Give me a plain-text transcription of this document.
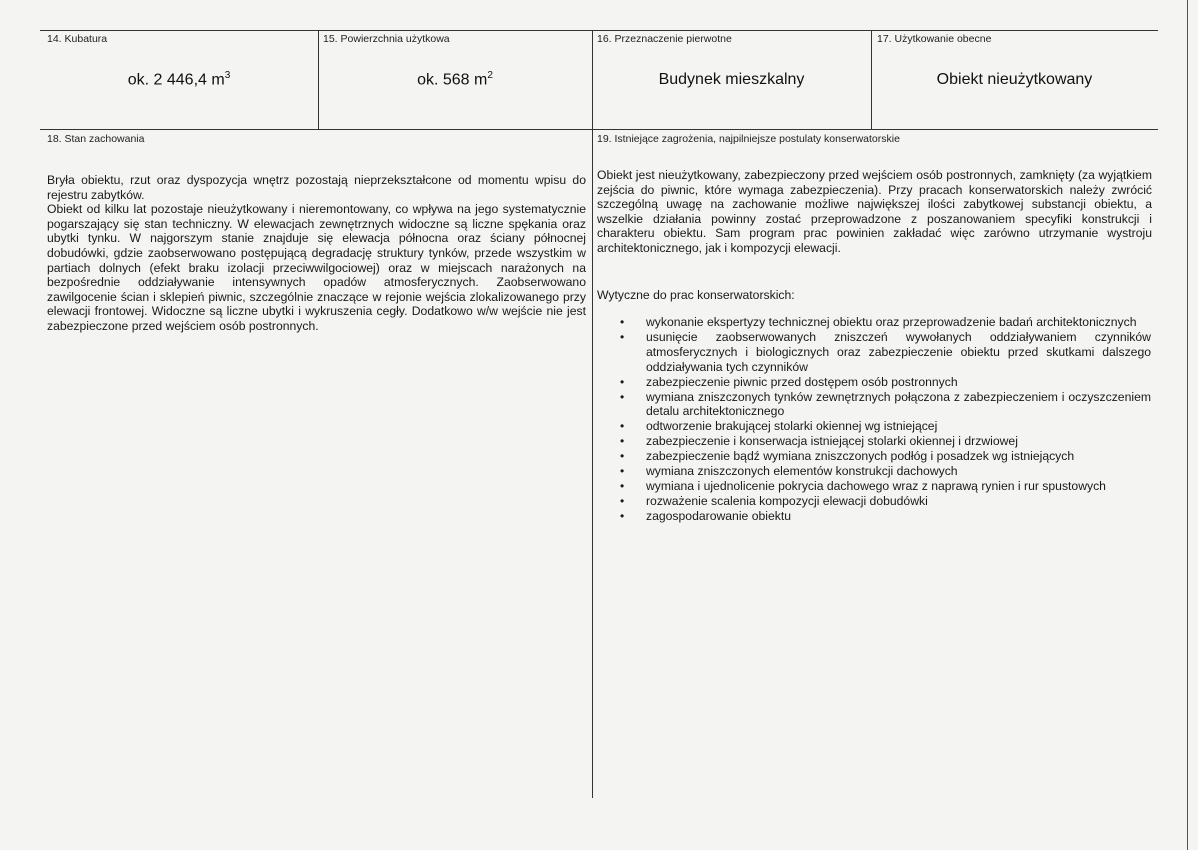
14. Kubatura
ok. 2 446,4 $m^3$
15. Powierzchnia użytkowa
ok. 568 $m^2$
16. Przeznaczenie pierwotne
Budynek mieszkalny
17. Użytkowanie obecne
Obiekt nieużytkowany
18. Stan zachowania

Bryła obiektu, rzut oraz dyspozycja wnętrz pozostają nieprzekształcone od momentu wpisu do rejestru zabytków.

Obiekt od kilku lat pozostaje nieużytkowany i nieremontowany, co wpływa na jego systematycznie pogarszający się stan techniczny. W elewacjach zewnętrznych widoczne są liczne spękania oraz ubytki tynku. W najgorszym stanie znajduje się elewacja północna oraz ściany północnej dobudówki, gdzie zaobserwowano postępującą degradację struktury tynków, przede wszystkim w partiach dolnych (efekt braku izolacji przeciwwilgociowej) oraz w miejscach narażonych na bezpośrednie oddziaływanie intensywnych opadów atmosferycznych. Zaobserwowano zawilgocenie ścian i sklepień piwnic, szczególnie znaczące w rejonie wejścia zlokalizowanego przy elewacji frontowej. Widoczne są liczne ubytki i wykruszenia cegły. Dodatkowo w/w wejście nie jest zabezpieczone przed wejściem osób postronnych.

19. Istniejące zagrożenia, najpilniejsze postulaty konserwatorskie
Obiekt jest nieużytkowany, zabezpieczony przed wejściem osób postronnych, zamknięty (za wyjątkiem zejścia do piwnic, które wymaga zabezpieczenia). Przy pracach konserwatorskich należy zwrócić szczególną uwagę na zachowanie możliwe największej ilości zabytkowej substancji obiektu, a wszelkie działania powinny zostać przeprowadzone z poszanowaniem specyfiki konstrukcji i charakteru obiektu. Sam program prac powinien zakładać więc zarówno utrzymanie wystroju architektonicznego, jak i kompozycji elewacji.
Wytyczne do prac konserwatorskich:
• wykonanie ekspertyzy technicznej obiektu oraz przeprowadzenie badań architektonicznych
• usunięcie zaobserwowanych zniszczeń wywołanych oddziaływaniem czynników atmosferycznych i biologicznych oraz zabezpieczenie obiektu przed skutkami dalszego oddziaływania tych czynników
• zabezpieczenie piwnic przed dostępem osób postronnych
• wymiana zniszczonych tynków zewnętrznych połączona z zabezpieczeniem i oczyszczeniem detalu architektonicznego
• odtworzenie brakującej stolarki okiennej wg istniejącej
• zabezpieczenie i konserwacja istniejącej stolarki okiennej i drzwiowej
• zabezpieczenie bądź wymiana zniszczonych podłóg i posadzek wg istniejących
• wymiana zniszczonych elementów konstrukcji dachowych
• wymiana i ujednolicenie pokrycia dachowego wraz z naprawą rynien i rur spustowych
• rozważenie scalenia kompozycji elewacji dobudówki
• zagospodarowanie obiektu
